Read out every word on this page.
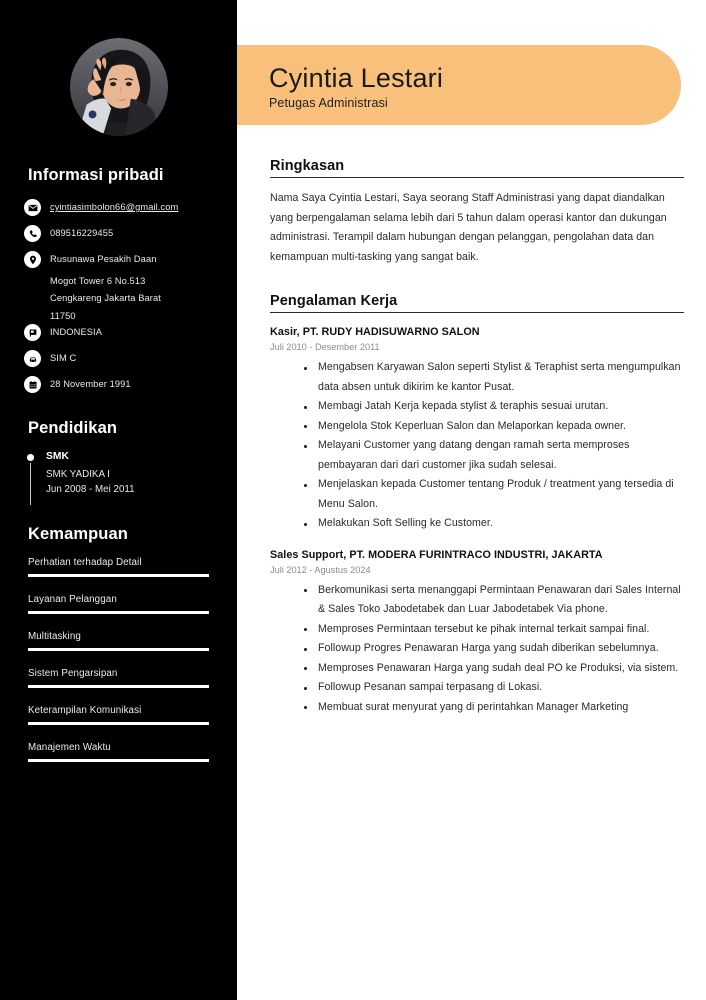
Informasi pribadi
cyintiasimbolon66@gmail.com
089516229455
Rusunawa Pesakih Daan
Mogot Tower 6 No.513
Cengkareng Jakarta Barat
11750
INDONESIA
SIM C
28 November 1991
Pendidikan
SMK
SMK YADIKA I
Jun 2008 - Mei 2011
Kemampuan
Perhatian terhadap Detail
Layanan Pelanggan
Multitasking
Sistem Pengarsipan
Keterampilan Komunikasi
Manajemen Waktu
Cyintia Lestari
Petugas Administrasi
Ringkasan

Nama Saya Cyintia Lestari, Saya seorang Staff Administrasi yang dapat diandalkan yang berpengalaman selama lebih dari 5 tahun dalam operasi kantor dan dukungan administrasi. Terampil dalam hubungan dengan pelanggan, pengolahan data dan kemampuan multi-tasking yang sangat baik.

Pengalaman Kerja
Kasir, PT. RUDY HADISUWARNO SALON
Juli 2010 - Desember 2011
Mengabsen Karyawan Salon seperti Stylist & Teraphist serta mengumpulkan data absen untuk dikirim ke kantor Pusat.
Membagi Jatah Kerja kepada stylist & teraphis sesuai urutan.
Mengelola Stok Keperluan Salon dan Melaporkan kepada owner.
Melayani Customer yang datang dengan ramah serta memproses pembayaran dari dari customer jika sudah selesai.
Menjelaskan kepada Customer tentang Produk / treatment yang tersedia di Menu Salon.
Melakukan Soft Selling ke Customer.
Sales Support, PT. MODERA FURINTRACO INDUSTRI, JAKARTA
Juli 2012 - Agustus 2024
Berkomunikasi serta menanggapi Permintaan Penawaran dari Sales Internal & Sales Toko Jabodetabek dan Luar Jabodetabek Via phone.
Memproses Permintaan tersebut ke pihak internal terkait sampai final.
Followup Progres Penawaran Harga yang sudah diberikan sebelumnya.
Memproses Penawaran Harga yang sudah deal PO ke Produksi, via sistem.
Followup Pesanan sampai terpasang di Lokasi.
Membuat surat menyurat yang di perintahkan Manager Marketing
